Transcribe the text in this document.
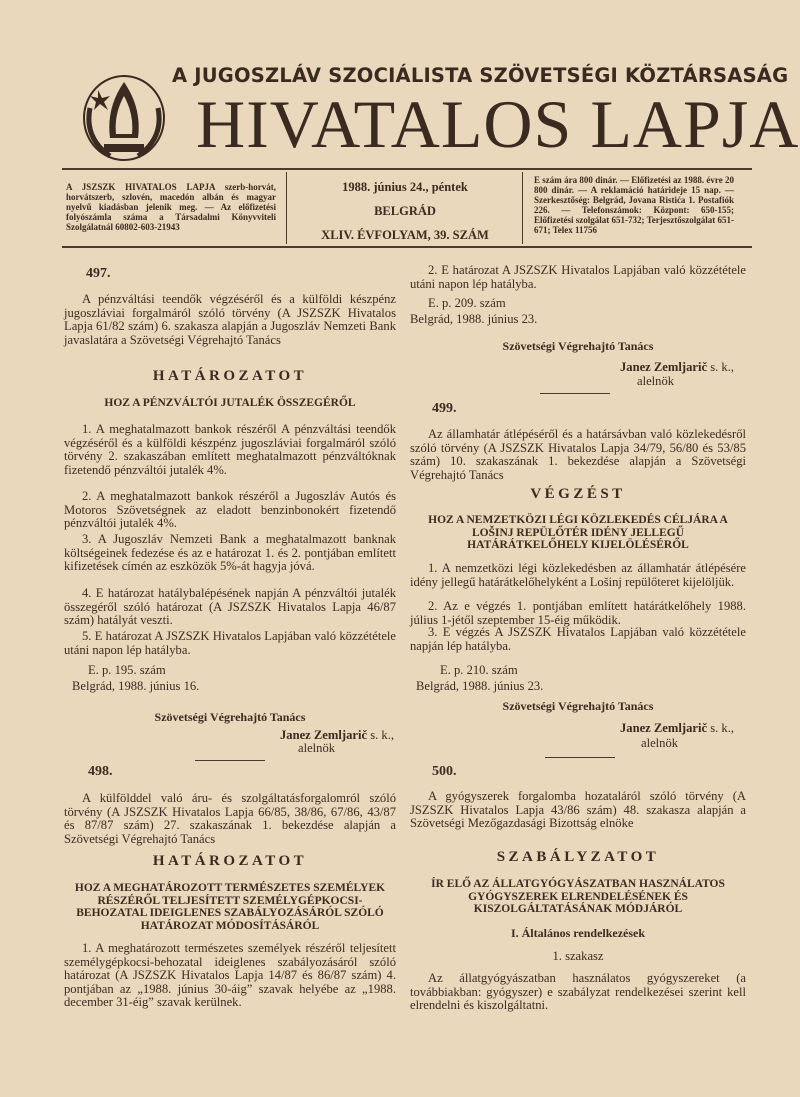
A JUGOSZLÁV SZOCIÁLISTA SZÖVETSÉGI KÖZTÁRSASÁG
HIVATALOS LAPJA
A JSZSZK HIVATALOS LAPJA szerb-horvát, horvátszerb, szlovén, macedón albán és magyar nyelvű kiadásban jelenik meg. — Az előfizetési folyószámla száma a Társadalmi Könyvviteli Szolgálatnál 60802-603-21943
1988. június 24., péntek
BELGRÁD
XLIV. ÉVFOLYAM, 39. SZÁM
E szám ára 800 dinár. — Előfizetési az 1988. évre 20 800 dinár. — A reklamáció határideje 15 nap. — Szerkesztőség: Belgrád, Jovana Ristića 1. Postafiók 226. — Telefonszámok: Központ: 650-155; Előfizetési szolgálat 651-732; Terjesztőszolgálat 651-671; Telex 11756
497.

A pénzváltási teendők végzéséről és a külföldi készpénz jugoszláviai forgalmáról szóló törvény (A JSZSZK Hivatalos Lapja 61/82 szám) 6. szakasza alapján a Jugoszláv Nemzeti Bank javaslatára a Szövetségi Végrehajtó Tanács

HATÁROZATOT
HOZ A PÉNZVÁLTÓI JUTALÉK ÖSSZEGÉRŐL

1. A meghatalmazott bankok részéről A pénzváltási teendők végzéséről és a külföldi készpénz jugoszláviai forgalmáról szóló törvény 2. szakaszában említett meghatalmazott pénzváltóknak fizetendő pénzváltói jutalék 4%.

2. A meghatalmazott bankok részéről a Jugoszláv Autós és Motoros Szövetségnek az eladott benzinbonokért fizetendő pénzváltói jutalék 4%.

3. A Jugoszláv Nemzeti Bank a meghatalmazott banknak költségeinek fedezése és az e határozat 1. és 2. pontjában említett kifizetések címén az eszközök 5%-át hagyja jóvá.

4. E határozat hatálybalépésének napján A pénzváltói jutalék összegéről szóló határozat (A JSZSZK Hivatalos Lapja 46/87 szám) hatályát veszti.

5. E határozat A JSZSZK Hivatalos Lapjában való közzététele utáni napon lép hatályba.

E. p. 195. szám
Belgrád, 1988. június 16.
Szövetségi Végrehajtó Tanács
Janez Zemljarič s. k.,
alelnök
498.

A külfölddel való áru- és szolgáltatásforgalomról szóló törvény (A JSZSZK Hivatalos Lapja 66/85, 38/86, 67/86, 43/87 és 87/87 szám) 27. szakaszának 1. bekezdése alapján a Szövetségi Végrehajtó Tanács

HATÁROZATOT
HOZ A MEGHATÁROZOTT TERMÉSZETES SZEMÉLYEK RÉSZÉRŐL TELJESÍTETT SZEMÉLYGÉPKOCSI-BEHOZATAL IDEIGLENES SZABÁLYOZÁSÁRÓL SZÓLÓ HATÁROZAT MÓDOSÍTÁSÁRÓL

1. A meghatározott természetes személyek részéről teljesített személygépkocsi-behozatal ideiglenes szabályozásáról szóló határozat (A JSZSZK Hivatalos Lapja 14/87 és 86/87 szám) 4. pontjában az „1988. június 30-áig” szavak helyébe az „1988. december 31-éig” szavak kerülnek.

2. E határozat A JSZSZK Hivatalos Lapjában való közzététele utáni napon lép hatályba.

E. p. 209. szám
Belgrád, 1988. június 23.
Szövetségi Végrehajtó Tanács
Janez Zemljarič s. k.,
alelnök
499.

Az államhatár átlépéséről és a határsávban való közlekedésről szóló törvény (A JSZSZK Hivatalos Lapja 34/79, 56/80 és 53/85 szám) 10. szakaszának 1. bekezdése alapján a Szövetségi Végrehajtó Tanács

VÉGZÉST
HOZ A NEMZETKÖZI LÉGI KÖZLEKEDÉS CÉLJÁRA A LOŠINJ REPÜLŐTÉR IDÉNY JELLEGŰ HATÁRÁTKELŐHELY KIJELÖLÉSÉRŐL

1. A nemzetközi légi közlekedésben az államhatár átlépésére idény jellegű határátkelőhelyként a Lošinj repülőteret kijelöljük.

2. Az e végzés 1. pontjában említett határátkelőhely 1988. július 1-jétől szeptember 15-éig működik.

3. E végzés A JSZSZK Hivatalos Lapjában való közzététele napján lép hatályba.

E. p. 210. szám
Belgrád, 1988. június 23.
Szövetségi Végrehajtó Tanács
Janez Zemljarič s. k.,
alelnök
500.

A gyógyszerek forgalomba hozataláról szóló törvény (A JSZSZK Hivatalos Lapja 43/86 szám) 48. szakasza alapján a Szövetségi Mezőgazdasági Bizottság elnöke

SZABÁLYZATOT
ÍR ELŐ AZ ÁLLATGYÓGYÁSZATBAN HASZNÁLATOS GYÓGYSZEREK ELRENDELÉSÉNEK ÉS KISZOLGÁLTATÁSÁNAK MÓDJÁRÓL
I. Általános rendelkezések
1. szakasz

Az állatgyógyászatban használatos gyógyszereket (a továbbiakban: gyógyszer) e szabályzat rendelkezései szerint kell elrendelni és kiszolgáltatni.
